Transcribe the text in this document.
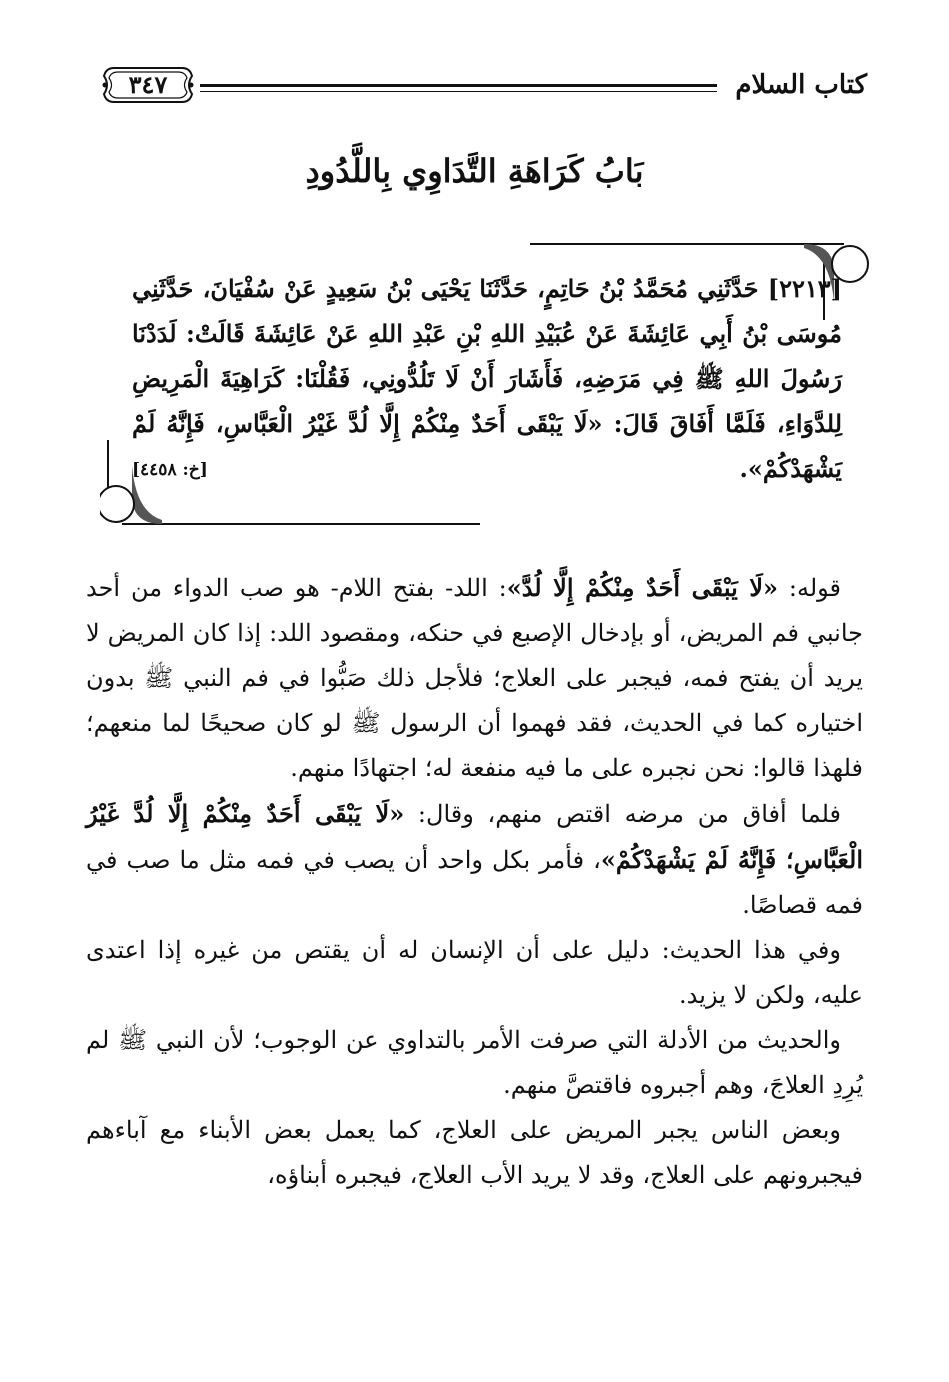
كتاب السلام
٣٤٧
بَابُ كَرَاهَةِ التَّدَاوِي بِاللَّدُودِ
[٢٢١٣] حَدَّثَنِي مُحَمَّدُ بْنُ حَاتِمٍ، حَدَّثَنَا يَحْيَى بْنُ سَعِيدٍ عَنْ سُفْيَانَ، حَدَّثَنِي مُوسَى بْنُ أَبِي عَائِشَةَ عَنْ عُبَيْدِ اللهِ بْنِ عَبْدِ اللهِ عَنْ عَائِشَةَ قَالَتْ: لَدَدْنَا رَسُولَ اللهِ ﷺ فِي مَرَضِهِ، فَأَشَارَ أَنْ لَا تَلُدُّونِي، فَقُلْنَا: كَرَاهِيَةَ الْمَرِيضِ لِلدَّوَاءِ، فَلَمَّا أَفَاقَ قَالَ: «لَا يَبْقَى أَحَدٌ مِنْكُمْ إِلَّا لُدَّ غَيْرُ الْعَبَّاسِ، فَإِنَّهُ لَمْ يَشْهَدْكُمْ».
[خ: ٤٤٥٨]

قوله: «لَا يَبْقَى أَحَدٌ مِنْكُمْ إِلَّا لُدَّ»: اللد- بفتح اللام- هو صب الدواء من أحد جانبي فم المريض، أو بإدخال الإصبع في حنكه، ومقصود اللد: إذا كان المريض لا يريد أن يفتح فمه، فيجبر على العلاج؛ فلأجل ذلك صَبُّوا في فم النبي ﷺ بدون اختياره كما في الحديث، فقد فهموا أن الرسول ﷺ لو كان صحيحًا لما منعهم؛ فلهذا قالوا: نحن نجبره على ما فيه منفعة له؛ اجتهادًا منهم.

فلما أفاق من مرضه اقتص منهم، وقال: «لَا يَبْقَى أَحَدٌ مِنْكُمْ إِلَّا لُدَّ غَيْرُ الْعَبَّاسِ؛ فَإِنَّهُ لَمْ يَشْهَدْكُمْ»، فأمر بكل واحد أن يصب في فمه مثل ما صب في فمه قصاصًا.

وفي هذا الحديث: دليل على أن الإنسان له أن يقتص من غيره إذا اعتدى عليه، ولكن لا يزيد.

والحديث من الأدلة التي صرفت الأمر بالتداوي عن الوجوب؛ لأن النبي ﷺ لم يُرِدِ العلاجَ، وهم أجبروه فاقتصَّ منهم.

وبعض الناس يجبر المريض على العلاج، كما يعمل بعض الأبناء مع آباءهم فيجبرونهم على العلاج، وقد لا يريد الأب العلاج، فيجبره أبناؤه،
